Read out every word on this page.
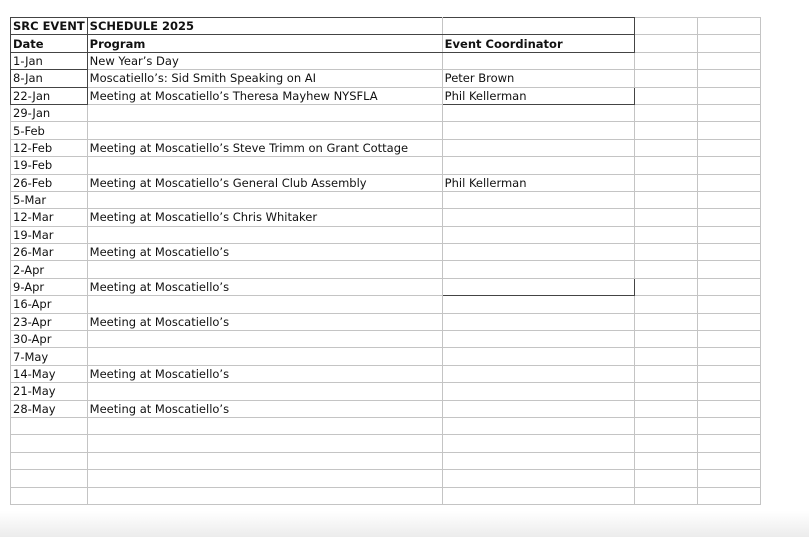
SRC EVENT	SCHEDULE 2025			
Date	Program	Event Coordinator		
1-Jan	New Year’s Day			
8-Jan	Moscatiello’s: Sid Smith Speaking on AI	Peter Brown		
22-Jan	Meeting at Moscatiello’s Theresa Mayhew NYSFLA	Phil Kellerman		
29-Jan				
5-Feb				
12-Feb	Meeting at Moscatiello’s Steve Trimm on Grant Cottage			
19-Feb				
26-Feb	Meeting at Moscatiello’s General Club Assembly	Phil Kellerman		
5-Mar				
12-Mar	Meeting at Moscatiello’s Chris Whitaker			
19-Mar				
26-Mar	Meeting at Moscatiello’s			
2-Apr				
9-Apr	Meeting at Moscatiello’s			
16-Apr				
23-Apr	Meeting at Moscatiello’s			
30-Apr				
7-May				
14-May	Meeting at Moscatiello’s			
21-May				
28-May	Meeting at Moscatiello’s			
